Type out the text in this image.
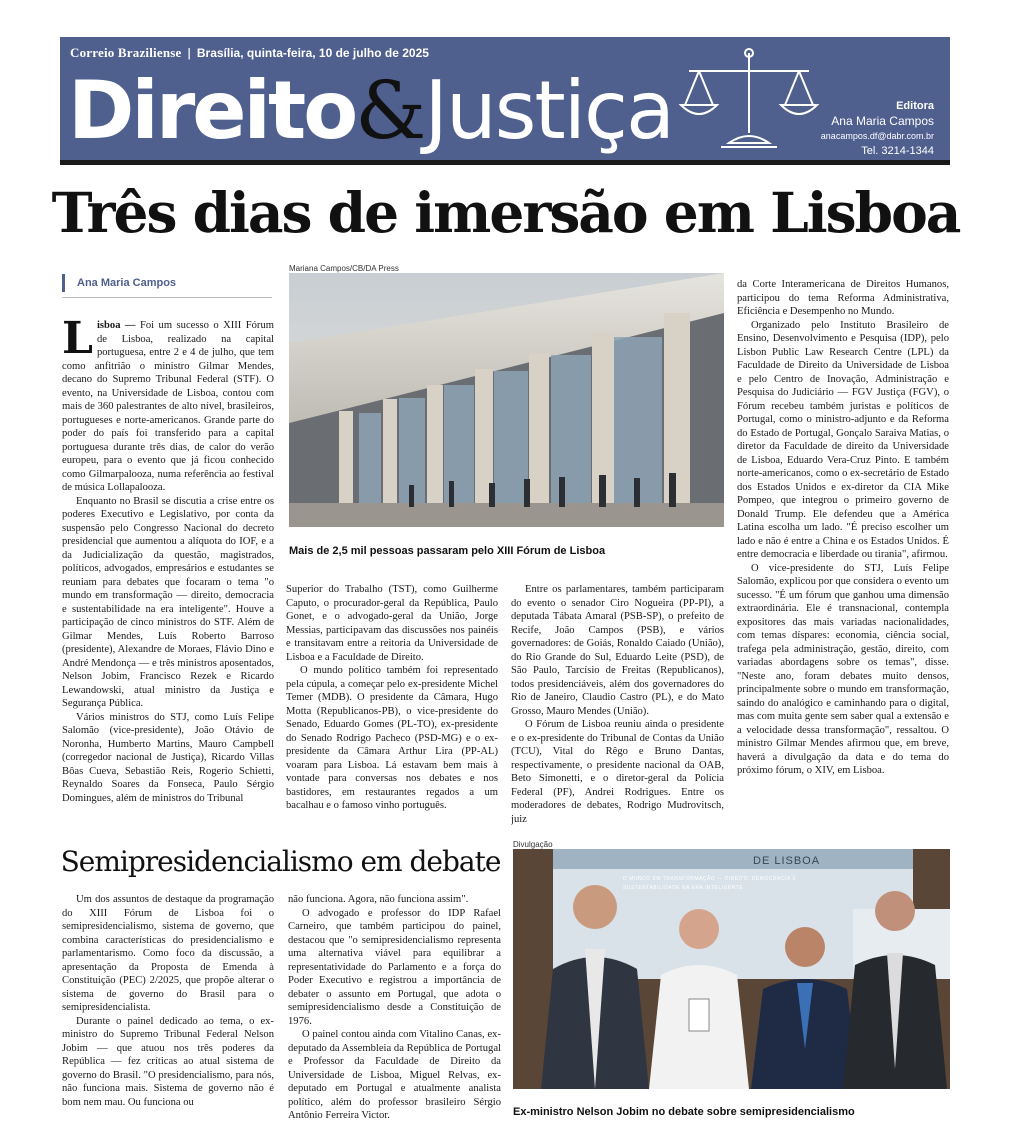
Correio Braziliense | Brasília, quinta-feira, 10 de julho de 2025
Direito&Justiça	Editora
Ana Maria Campos
anacampos.df@dabr.com.br
Tel. 3214-1344
Três dias de imersão em Lisboa
Ana Maria Campos
Mariana Campos/CB/DA Press
Mais de 2,5 mil pessoas passaram pelo XIII Fórum de Lisboa

Lisboa — Foi um sucesso o XIII Fórum de Lisboa, realizado na capital portuguesa, entre 2 e 4 de julho, que tem como anfitrião o ministro Gilmar Mendes, decano do Supremo Tribunal Federal (STF). O evento, na Universidade de Lisboa, contou com mais de 360 palestrantes de alto nível, brasileiros, portugueses e norte-americanos. Grande parte do poder do país foi transferido para a capital portuguesa durante três dias, de calor do verão europeu, para o evento que já ficou conhecido como Gilmarpalooza, numa referência ao festival de música Lollapalooza.

Enquanto no Brasil se discutia a crise entre os poderes Executivo e Legislativo, por conta da suspensão pelo Congresso Nacional do decreto presidencial que aumentou a alíquota do IOF, e a da Judicialização da questão, magistrados, políticos, advogados, empresários e estudantes se reuniam para debates que focaram o tema "o mundo em transformação — direito, democracia e sustentabilidade na era inteligente". Houve a participação de cinco ministros do STF. Além de Gilmar Mendes, Luís Roberto Barroso (presidente), Alexandre de Moraes, Flávio Dino e André Mendonça — e três ministros aposentados, Nelson Jobim, Francisco Rezek e Ricardo Lewandowski, atual ministro da Justiça e Segurança Pública.

Vários ministros do STJ, como Luís Felipe Salomão (vice-presidente), João Otávio de Noronha, Humberto Martins, Mauro Campbell (corregedor nacional de Justiça), Ricardo Villas Bôas Cueva, Sebastião Reis, Rogerio Schietti, Reynaldo Soares da Fonseca, Paulo Sérgio Domingues, além de ministros do Tribunal

Superior do Trabalho (TST), como Guilherme Caputo, o procurador-geral da República, Paulo Gonet, e o advogado-geral da União, Jorge Messias, participavam das discussões nos painéis e transitavam entre a reitoria da Universidade de Lisboa e a Faculdade de Direito.

O mundo político também foi representado pela cúpula, a começar pelo ex-presidente Michel Temer (MDB). O presidente da Câmara, Hugo Motta (Republicanos-PB), o vice-presidente do Senado, Eduardo Gomes (PL-TO), ex-presidente do Senado Rodrigo Pacheco (PSD-MG) e o ex-presidente da Câmara Arthur Lira (PP-AL) voaram para Lisboa. Lá estavam bem mais à vontade para conversas nos debates e nos bastidores, em restaurantes regados a um bacalhau e o famoso vinho português.

Entre os parlamentares, também participaram do evento o senador Ciro Nogueira (PP-PI), a deputada Tábata Amaral (PSB-SP), o prefeito de Recife, João Campos (PSB), e vários governadores: de Goiás, Ronaldo Caiado (União), do Rio Grande do Sul, Eduardo Leite (PSD), de São Paulo, Tarcísio de Freitas (Republicanos), todos presidenciáveis, além dos governadores do Rio de Janeiro, Claudio Castro (PL), e do Mato Grosso, Mauro Mendes (União).

O Fórum de Lisboa reuniu ainda o presidente e o ex-presidente do Tribunal de Contas da União (TCU), Vital do Rêgo e Bruno Dantas, respectivamente, o presidente nacional da OAB, Beto Simonetti, e o diretor-geral da Polícia Federal (PF), Andrei Rodrigues. Entre os moderadores de debates, Rodrigo Mudrovitsch, juiz

da Corte Interamericana de Direitos Humanos, participou do tema Reforma Administrativa, Eficiência e Desempenho no Mundo.

Organizado pelo Instituto Brasileiro de Ensino, Desenvolvimento e Pesquisa (IDP), pelo Lisbon Public Law Research Centre (LPL) da Faculdade de Direito da Universidade de Lisboa e pelo Centro de Inovação, Administração e Pesquisa do Judiciário — FGV Justiça (FGV), o Fórum recebeu também juristas e políticos de Portugal, como o ministro-adjunto e da Reforma do Estado de Portugal, Gonçalo Saraiva Matias, o diretor da Faculdade de direito da Universidade de Lisboa, Eduardo Vera-Cruz Pinto. E também norte-americanos, como o ex-secretário de Estado dos Estados Unidos e ex-diretor da CIA Mike Pompeo, que integrou o primeiro governo de Donald Trump. Ele defendeu que a América Latina escolha um lado. "É preciso escolher um lado e não é entre a China e os Estados Unidos. É entre democracia e liberdade ou tirania", afirmou.

O vice-presidente do STJ, Luís Felipe Salomão, explicou por que considera o evento um sucesso. "É um fórum que ganhou uma dimensão extraordinária. Ele é transnacional, contempla expositores das mais variadas nacionalidades, com temas díspares: economia, ciência social, trafega pela administração, gestão, direito, com variadas abordagens sobre os temas", disse. "Neste ano, foram debates muito densos, principalmente sobre o mundo em transformação, saindo do analógico e caminhando para o digital, mas com muita gente sem saber qual a extensão e a velocidade dessa transformação", ressaltou. O ministro Gilmar Mendes afirmou que, em breve, haverá a divulgação da data e do tema do próximo fórum, o XIV, em Lisboa.

Semipresidencialismo em debate

Um dos assuntos de destaque da programação do XIII Fórum de Lisboa foi o semipresidencialismo, sistema de governo, que combina características do presidencialismo e parlamentarismo. Como foco da discussão, a apresentação da Proposta de Emenda à Constituição (PEC) 2/2025, que propõe alterar o sistema de governo do Brasil para o semipresidencialista.

Durante o painel dedicado ao tema, o ex-ministro do Supremo Tribunal Federal Nelson Jobim — que atuou nos três poderes da República — fez críticas ao atual sistema de governo do Brasil. "O presidencialismo, para nós, não funciona mais. Sistema de governo não é bom nem mau. Ou funciona ou

não funciona. Agora, não funciona assim".

O advogado e professor do IDP Rafael Carneiro, que também participou do painel, destacou que "o semipresidencialismo representa uma alternativa viável para equilibrar a representatividade do Parlamento e a força do Poder Executivo e registrou a importância de debater o assunto em Portugal, que adota o semipresidencialismo desde a Constituição de 1976.

O painel contou ainda com Vitalino Canas, ex-deputado da Assembleia da República de Portugal e Professor da Faculdade de Direito da Universidade de Lisboa, Miguel Relvas, ex-deputado em Portugal e atualmente analista político, além do professor brasileiro Sérgio Antônio Ferreira Victor.

Divulgação
DE LISBOA
O MUNDO EM TRANSFORMAÇÃO — DIREITO, DEMOCRACIA E
SUSTENTABILIDADE NA ERA INTELIGENTE
Ex-ministro Nelson Jobim no debate sobre semipresidencialismo
